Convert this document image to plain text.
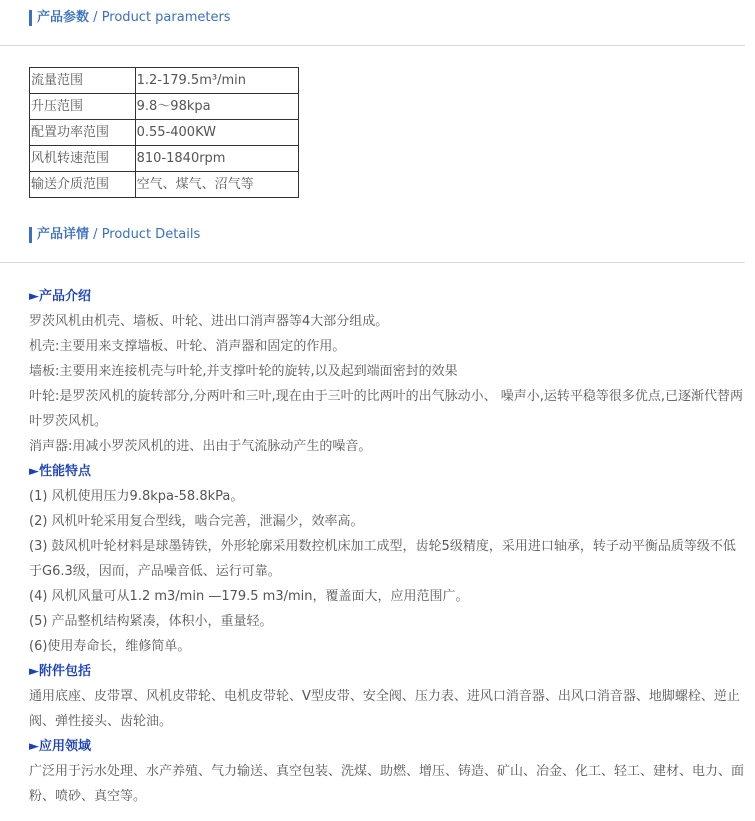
产品参数 / Product parameters
流量范围	1.2-179.5m³/min
升压范围	9.8～98kpa
配置功率范围	0.55-400KW
风机转速范围	810-1840rpm
输送介质范围	空气、煤气、沼气等
产品详情 / Product Details
►产品介绍

罗茨风机由机壳、墙板、叶轮、进出口消声器等4大部分组成。

机壳:主要用来支撑墙板、叶轮、消声器和固定的作用。

墙板:主要用来连接机壳与叶轮,并支撑叶轮的旋转,以及起到端面密封的效果

叶轮:是罗茨风机的旋转部分,分两叶和三叶,现在由于三叶的比两叶的出气脉动小、 噪声小,运转平稳等很多优点,已逐渐代替两叶罗茨风机。

消声器:用减小罗茨风机的进、出由于气流脉动产生的噪音。

►性能特点

(1) 风机使用压力9.8kpa-58.8kPa。

(2) 风机叶轮采用复合型线，啮合完善，泄漏少，效率高。

(3) 鼓风机叶轮材料是球墨铸铁，外形轮廓采用数控机床加工成型，齿轮5级精度，采用进口轴承，转子动平衡品质等级不低于G6.3级，因而，产品噪音低、运行可靠。

(4) 风机风量可从1.2 m3/min —179.5 m3/min，覆盖面大，应用范围广。

(5) 产品整机结构紧凑，体积小，重量轻。

(6)使用寿命长，维修简单。

►附件包括

通用底座、皮带罩、风机皮带轮、电机皮带轮、V型皮带、安全阀、压力表、进风口消音器、出风口消音器、地脚螺栓、逆止阀、弹性接头、齿轮油。

►应用领域

广泛用于污水处理、水产养殖、气力输送、真空包装、洗煤、助燃、增压、铸造、矿山、冶金、化工、轻工、建材、电力、面粉、喷砂、真空等。
